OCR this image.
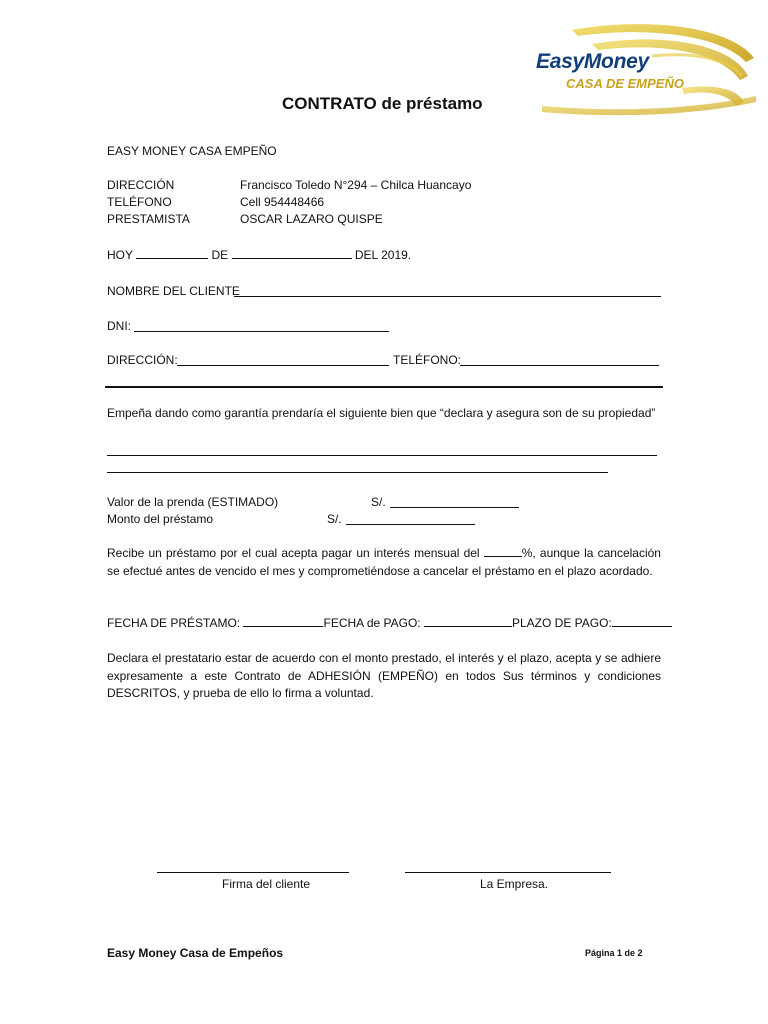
EasyMoney
CASA DE EMPEÑO
CONTRATO de préstamo
EASY MONEY CASA EMPEÑO
DIRECCIÓN	Francisco Toledo N°294 – Chilca Huancayo
TELÉFONO	Cell 954448466
PRESTAMISTA	OSCAR LAZARO QUISPE
HOY	DE	DEL 2019.
NOMBRE DEL CLIENTE
DNI:
DIRECCIÓN:	TELÉFONO:
Empeña dando como garantía prendaría el siguiente bien que “declara y asegura son de su propiedad”
Valor de la prenda (ESTIMADO)	S/.
Monto del préstamo	S/.
Recibe un préstamo por el cual acepta pagar un interés mensual del	%, aunque la cancelación se efectué antes de vencido el mes y comprometiéndose a cancelar el préstamo en el plazo acordado.
FECHA DE PRÉSTAMO:	FECHA de PAGO:	PLAZO DE PAGO:
Declara el prestatario estar de acuerdo con el monto prestado, el interés y el plazo, acepta y se adhiere expresamente a este Contrato de ADHESIÓN (EMPEÑO) en todos Sus términos y condiciones DESCRITOS, y prueba de ello lo firma a voluntad.
Firma del cliente	La Empresa.
Easy Money Casa de Empeños	Página 1 de 2
